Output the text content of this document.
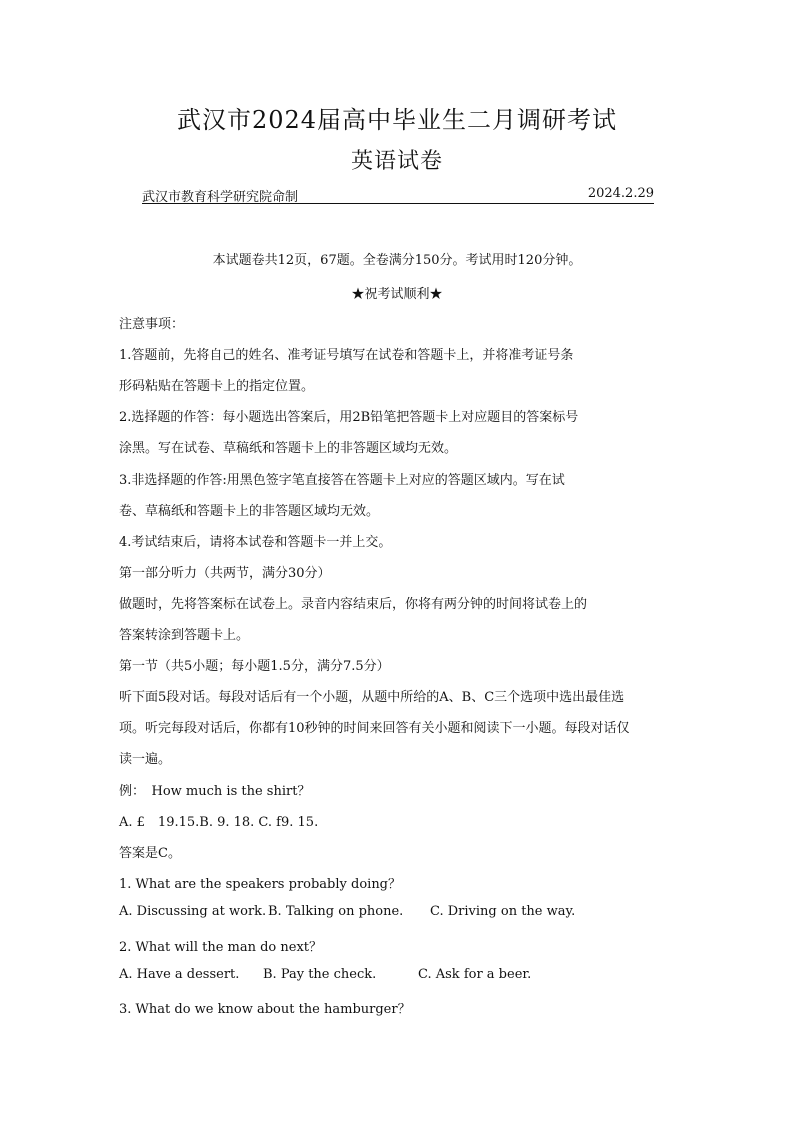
武汉市2024届高中毕业生二月调研考试
英语试卷
武汉市教育科学研究院命制	2024.2.29
本试题卷共12页，67题。全卷满分150分。考试用时120分钟。
★祝考试顺利★
注意事项：
1.答题前，先将自己的姓名、准考证号填写在试卷和答题卡上，并将准考证号条
形码粘贴在答题卡上的指定位置。
2.选择题的作答：每小题选出答案后，用2B铅笔把答题卡上对应题目的答案标号
涂黑。写在试卷、草稿纸和答题卡上的非答题区域均无效。
3.非选择题的作答:用黑色签字笔直接答在答题卡上对应的答题区域内。写在试
卷、草稿纸和答题卡上的非答题区域均无效。
4.考试结束后，请将本试卷和答题卡一并上交。
第一部分听力（共两节，满分30分）
做题时，先将答案标在试卷上。录音内容结束后，你将有两分钟的时间将试卷上的
答案转涂到答题卡上。
第一节（共5小题；每小题1.5分，满分7.5分）
听下面5段对话。每段对话后有一个小题，从题中所给的A、B、C三个选项中选出最佳选
项。听完每段对话后，你都有10秒钟的时间来回答有关小题和阅读下一小题。每段对话仅
读一遍。
例：　How much is the shirt？
A. £　19.15.B. 9. 18. C. f9. 15.
答案是C。
1. What are the speakers probably doing？
A. Discussing at work. B. Talking on phone. C. Driving on the way.
2. What will the man do next？
A. Have a dessert. B. Pay the check.	C. Ask for a beer.
3. What do we know about the hamburger？
